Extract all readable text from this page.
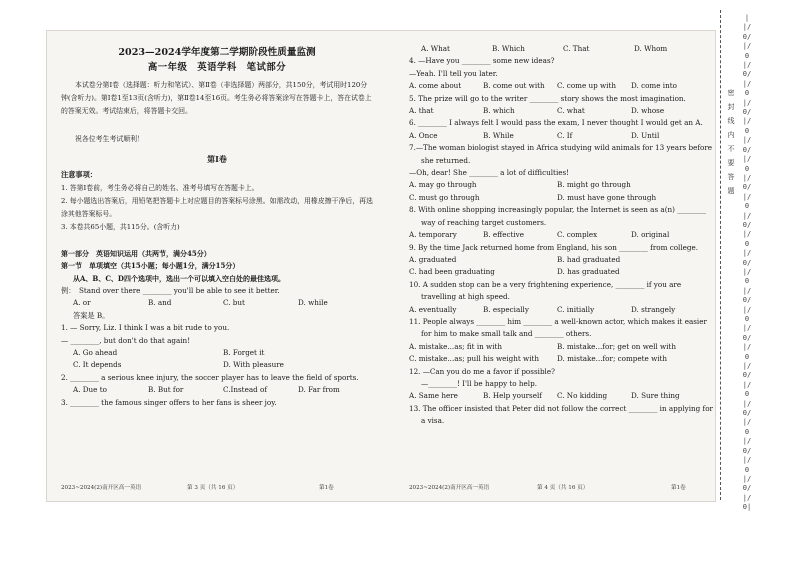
2023—2024学年度第二学期阶段性质量监测
高一年级　英语学科　笔试部分
本试卷分第Ⅰ卷（选择题：听力和笔试）、第Ⅱ卷（非选择题）两部分，共150分，考试用时120分钟(含听力)。第Ⅰ卷1至13页(含听力)，第Ⅱ卷14至16页。考生务必将答案涂写在答题卡上，答在试卷上的答案无效。考试结束后，将答题卡交回。
祝各位考生考试顺利！
第Ⅰ卷
注意事项：
1. 答第Ⅰ卷前，考生务必将自己的姓名、准考号填写在答题卡上。
2. 每小题选出答案后，用铅笔把答题卡上对应题目的答案标号涂黑。如需改动，用橡皮擦干净后，再选涂其他答案标号。
3. 本卷共65小题，共115分。(含听力)
第一部分　英语知识运用（共两节，满分45分）
第一节　单项填空（共15小题；每小题1分，满分15分）
从A、B、C、D四个选项中，选出一个可以填入空白处的最佳选项。
例：　Stand over there ________ you'll be able to see it better.
A. or	B. and	C. but	D. while
答案是 B。
1. — Sorry, Liz. I think I was a bit rude to you.
— ________, but don't do that again!
A. Go ahead	B. Forget it
C. It depends	D. With pleasure
2. ________ a serious knee injury, the soccer player has to leave the field of sports.
A. Due to	B. But for	C.Instead of	D. Far from
3. ________ the famous singer offers to her fans is sheer joy.
2023~2024(2)南开区高一英语	第 3 页（共 16 页）	第1卷
A. What	B. Which	C. That	D. Whom
4. —Have you ________ some new ideas?
—Yeah. I'll tell you later.
A. come about	B. come out with	C. come up with	D. come into
5. The prize will go to the writer ________ story shows the most imagination.
A. that	B. which	C. what	D. whose
6. ________ I always felt I would pass the exam, I never thought I would get an A.
A. Once	B. While	C. If	D. Until
7.—The woman biologist stayed in Africa studying wild animals for 13 years before
she returned.
—Oh, dear! She ________ a lot of difficulties!
A. may go through	B. might go through
C. must go through	D. must have gone through
8. With online shopping increasingly popular, the Internet is seen as a(n) ________
way of reaching target customers.
A. temporary	B. effective	C. complex	D. original
9. By the time Jack returned home from England, his son ________ from college.
A. graduated	B. had graduated
C. had been graduating	D. has graduated
10. A sudden stop can be a very frightening experience, ________ if you are
travelling at high speed.
A. eventually	B. especially	C. initially	D. strangely
11. People always ________ him ________ a well-known actor, which makes it easier
for him to make small talk and ________ others.
A. mistake...as; fit in with	B. mistake...for; get on well with
C. mistake...as; pull his weight with	D. mistake...for; compete with
12. —Can you do me a favor if possible?
—________! I'll be happy to help.
A. Same here	B. Help yourself	C. No kidding	D. Sure thing
13. The officer insisted that Peter did not follow the correct ________ in applying for
a visa.
2023~2024(2)南开区高一英语	第 4 页（共 16 页）	第1卷
||/0/|/0|/0/|/0|/0/|/0|/0/|/0|/0/|/0|/0/|/0|/0/|/0|/0/|/0|/0/|/0|/0/|/0|/0/|/0|/0/|/0|/0/|/0|
密
封
线
内
不
要
答
题
